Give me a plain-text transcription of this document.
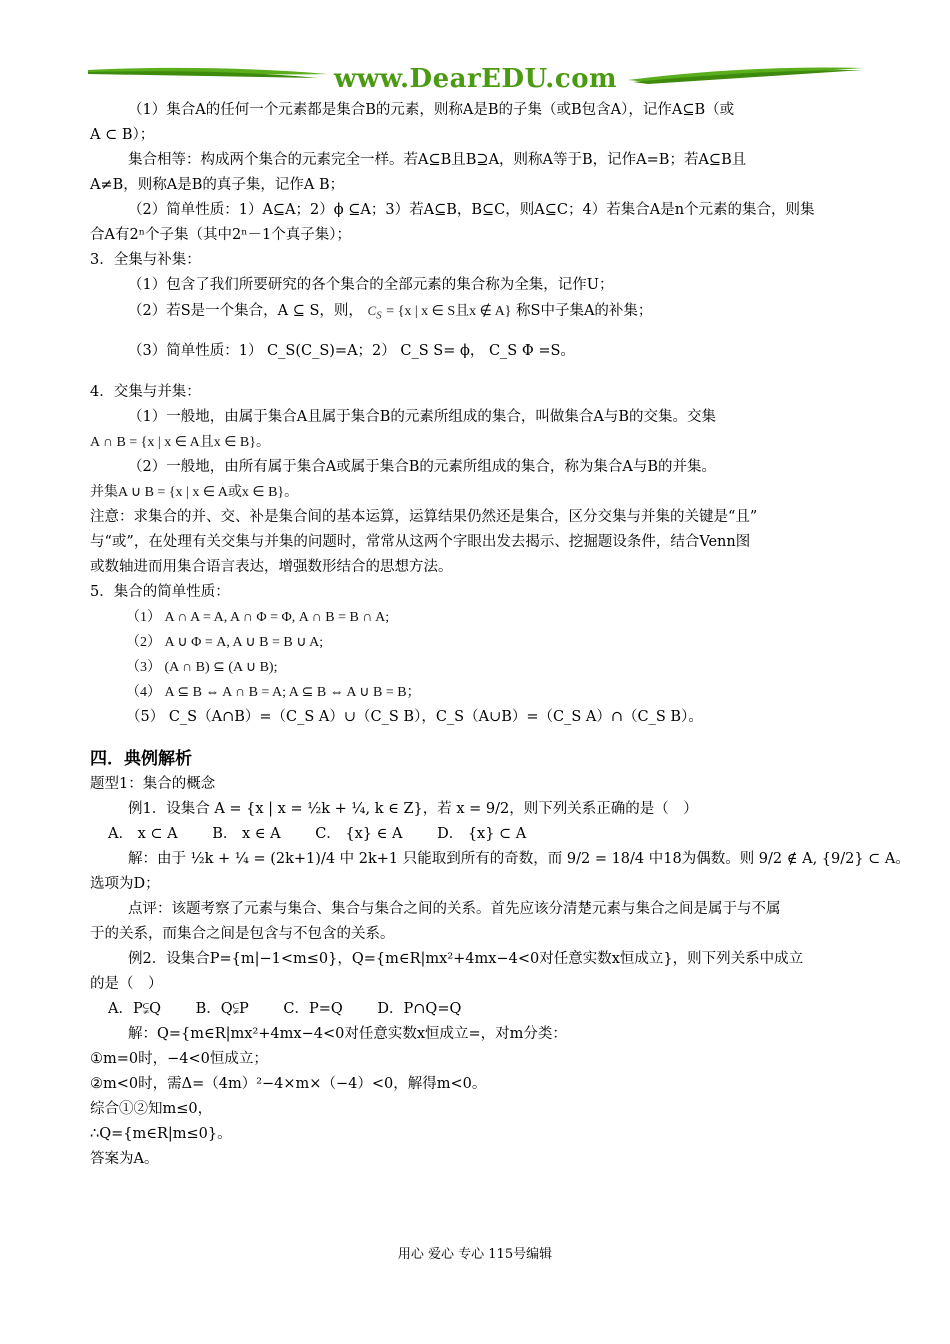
www.DearEDU.com
（1）集合A的任何一个元素都是集合B的元素，则称A是B的子集（或B包含A），记作A⊆B（或
A ⊂ B）；
集合相等：构成两个集合的元素完全一样。若A⊆B且B⊇A，则称A等于B，记作A=B；若A⊆B且
A≠B，则称A是B的真子集，记作A B；
（2）简单性质：1）A⊆A；2）ϕ ⊆A；3）若A⊆B，B⊆C，则A⊆C；4）若集合A是n个元素的集合，则集
合A有2ⁿ个子集（其中2ⁿ－1个真子集）；
3．全集与补集：
（1）包含了我们所要研究的各个集合的全部元素的集合称为全集，记作U；
（2）若S是一个集合，A ⊆ S，则， $C_S = \{x$ | x ∈ S且x ∉ A} 称S中子集A的补集；
（3）简单性质：1） C_S(C_S)=A；2） C_S S= ϕ， C_S Φ =S。
4．交集与并集：
（1）一般地，由属于集合A且属于集合B的元素所组成的集合，叫做集合A与B的交集。交集
A ∩ B = {x | x ∈ A且x ∈ B}。
（2）一般地，由所有属于集合A或属于集合B的元素所组成的集合，称为集合A与B的并集。
并集A ∪ B = {x | x ∈ A或x ∈ B}。
注意：求集合的并、交、补是集合间的基本运算，运算结果仍然还是集合，区分交集与并集的关键是“且”
与“或”，在处理有关交集与并集的问题时，常常从这两个字眼出发去揭示、挖掘题设条件，结合Venn图
或数轴进而用集合语言表达，增强数形结合的思想方法。
5．集合的简单性质：
（1） A ∩ A = A, A ∩ Φ = Φ, A ∩ B = B ∩ A;
（2） A ∪ Φ = A, A ∪ B = B ∪ A;
（3） (A ∩ B) ⊆ (A ∪ B);
（4） A ⊆ B ⇔ A ∩ B = A; A ⊆ B ⇔ A ∪ B = B；
（5） C_S（A∩B）=（C_S A）∪（C_S B），C_S（A∪B）=（C_S A）∩（C_S B）。
四．典例解析
题型1：集合的概念
例1．设集合 A = {x | x = ½k + ¼, k ∈ Z}，若 x = 9/2，则下列关系正确的是（　）
A． x ⊂ A B． x ∈ A C． {x} ∈ A D． {x} ⊂ A
解：由于 ½k + ¼ = (2k+1)/4 中 2k+1 只能取到所有的奇数，而 9/2 = 18/4 中18为偶数。则 9/2 ∉ A, {9/2} ⊂ A。
选项为D；
点评：该题考察了元素与集合、集合与集合之间的关系。首先应该分清楚元素与集合之间是属于与不属
于的关系，而集合之间是包含与不包含的关系。
例2．设集合P={m|−1<m≤0}，Q={m∈R|mx²+4mx−4<0对任意实数x恒成立}，则下列关系中成立
的是（　）
A．P⫋Q B．Q⫋P C．P=Q D．P∩Q=Q
解：Q={m∈R|mx²+4mx−4<0对任意实数x恒成立=，对m分类：
①m=0时，−4<0恒成立；
②m<0时，需Δ=（4m）²−4×m×（−4）<0，解得m<0。
综合①②知m≤0，
∴Q={m∈R|m≤0}。
答案为A。
用心 爱心 专心 115号编辑
